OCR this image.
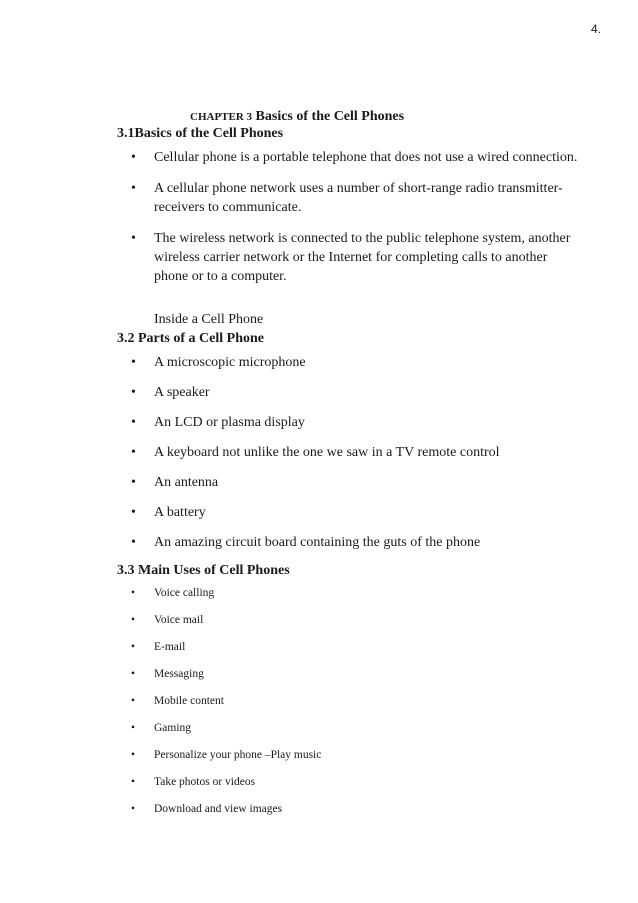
4.
CHAPTER 3 Basics of the Cell Phones
3.1Basics of the Cell Phones
• Cellular phone is a portable telephone that does not use a wired connection.
• A cellular phone network uses a number of short-range radio transmitter-receivers to communicate.
• The wireless network is connected to the public telephone system, another wireless carrier network or the Internet for completing calls to another phone or to a computer.
Inside a Cell Phone
3.2 Parts of a Cell Phone
• A microscopic microphone
• A speaker
• An LCD or plasma display
• A keyboard not unlike the one we saw in a TV remote control
• An antenna
• A battery
• An amazing circuit board containing the guts of the phone
3.3 Main Uses of Cell Phones
• Voice calling
• Voice mail
• E-mail
• Messaging
• Mobile content
• Gaming
• Personalize your phone –Play music
• Take photos or videos
• Download and view images
